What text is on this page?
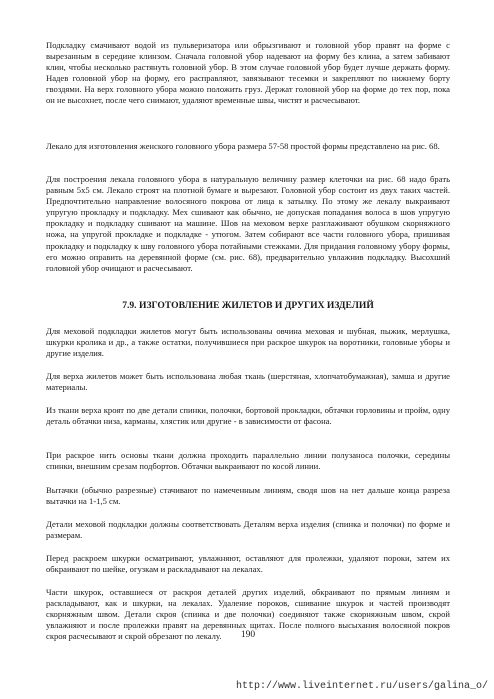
Подкладку смачивают водой из пульверизатора или обрызгивают и головной убор правят на форме с вырезанным в середине клинзом. Сначала головной убор надевают на форму без клина, а затем забивают клин, чтобы несколько растянуть головной убор. В этом случае головной убор будет лучше держать форму. Надев головной убор на форму, его расправляют, завязывают тесемки и закрепляют по нижнему борту гвоздями. На верх головного убора можно положить груз. Держат головной убор на форме до тех пор, пока он не высохнет, после чего снимают, удаляют временные швы, чистят и расчесывают.

Лекало для изготовления женского головного убора размера 57-58 простой формы представлено на рис. 68.

Для построения лекала головного убора в натуральную величину размер клеточки на рис. 68 надо брать равным 5х5 см. Лекало строят на плотной бумаге и вырезают. Головной убор состоит из двух таких частей. Предпочтительно направление волосяного покрова от лица к затылку. По этому же лекалу выкраивают упругую прокладку и подкладку. Мех сшивают как обычно, не допуская попадания волоса в шов упругую прокладку и подкладку сшивают на машине. Шов на меховом верхе разглаживают обушком скорняжного ножа, на упругой прокладке и подкладке - утюгом. Затем собирают все части головного убора, пришивая прокладку и подкладку к шву головного убора потайными стежками. Для придания головному убору формы, его можно оправить на деревянной форме (см. рис. 68), предварительно увлажнив подкладку. Высохший головной убор очищают и расчесывают.

7.9. ИЗГОТОВЛЕНИЕ ЖИЛЕТОВ И ДРУГИХ ИЗДЕЛИЙ

Для меховой подкладки жилетов могут быть использованы овчина меховая и шубная, пыжик, мерлушка, шкурки кролика и др., а также остатки, получившиеся при раскрое шкурок на воротники, головные уборы и другие изделия.

Для верха жилетов может быть использована любая ткань (шерстяная, хлопчатобумажная), замша и другие материалы.

Из ткани верха кроят по две детали спинки, полочки, бортовой прокладки, обтачки горловины и пройм, одну деталь обтачки низа, карманы, хлястик или другие - в зависимости от фасона.

При раскрое нить основы ткани должна проходить параллельно линии полузаноса полочки, середины спинки, внешним срезам подбортов. Обтачки выкраивают по косой линии.

Вытачки (обычно разрезные) стачивают по намеченным линиям, сводя шов на нет дальше конца разреза вытачки на 1-1,5 см.

Детали меховой подкладки должны соответствовать Деталям верха изделия (спинка и полочки) по форме и размерам.

Перед раскроем шкурки осматривают, увлажняют, оставляют для пролежки, удаляют пороки, затем их обкраивают по шейке, огузкам и раскладывают на лекалах.

Части шкурок, оставшиеся от раскроя деталей других изделий, обкраивают по прямым линиям и раскладывают, как и шкурки, на лекалах. Удаление пороков, сшивание шкурок и частей производят скорняжным швом. Детали скроя (спинка и две полочки) соединяют также скорняжным швом, скрой увлажняют и после пролежки правят на деревянных щитах. После полного высыхания волосяной покров скроя расчесывают и скрой обрезают по лекалу.	190
http://www.liveinternet.ru/users/galina_o/
